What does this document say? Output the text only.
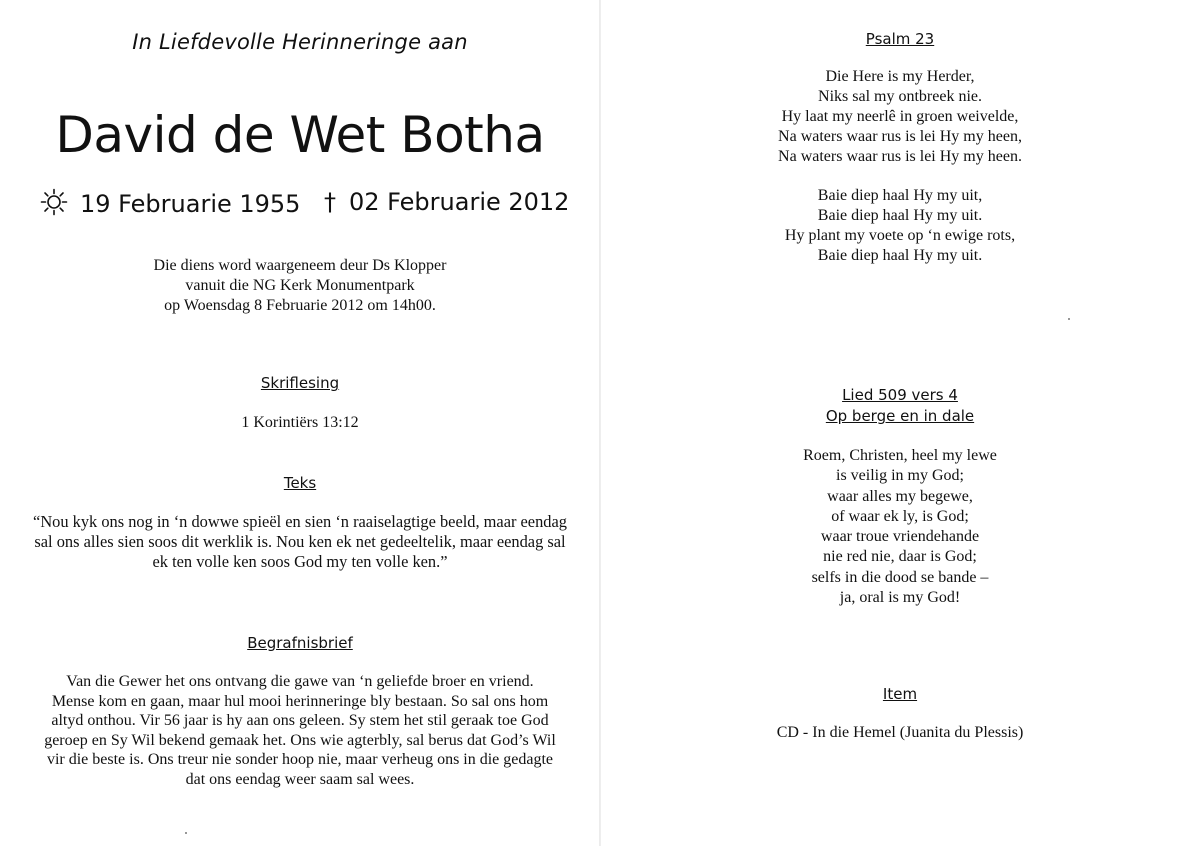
In Liefdevolle Herinneringe aan
David de Wet Botha
19 Februarie 1955 † 02 Februarie 2012
Die diens word waargeneem deur Ds Klopper
vanuit die NG Kerk Monumentpark
op Woensdag 8 Februarie 2012 om 14h00.
Skriflesing
1 Korintiërs 13:12
Teks
“Nou kyk ons nog in ‘n dowwe spieël en sien ‘n raaiselagtige beeld, maar eendag
sal ons alles sien soos dit werklik is. Nou ken ek net gedeeltelik, maar eendag sal
ek ten volle ken soos God my ten volle ken.”
Begrafnisbrief
Van die Gewer het ons ontvang die gawe van ‘n geliefde broer en vriend.
Mense kom en gaan, maar hul mooi herinneringe bly bestaan. So sal ons hom
altyd onthou. Vir 56 jaar is hy aan ons geleen. Sy stem het stil geraak toe God
geroep en Sy Wil bekend gemaak het. Ons wie agterbly, sal berus dat God’s Wil
vir die beste is. Ons treur nie sonder hoop nie, maar verheug ons in die gedagte
dat ons eendag weer saam sal wees.
Psalm 23
Die Here is my Herder,
Niks sal my ontbreek nie.
Hy laat my neerlê in groen weivelde,
Na waters waar rus is lei Hy my heen,
Na waters waar rus is lei Hy my heen.
Baie diep haal Hy my uit,
Baie diep haal Hy my uit.
Hy plant my voete op ‘n ewige rots,
Baie diep haal Hy my uit.
Lied 509 vers 4
Op berge en in dale
Roem, Christen, heel my lewe
is veilig in my God;
waar alles my begewe,
of waar ek ly, is God;
waar troue vriendehande
nie red nie, daar is God;
selfs in die dood se bande –
ja, oral is my God!
Item
CD - In die Hemel (Juanita du Plessis)
